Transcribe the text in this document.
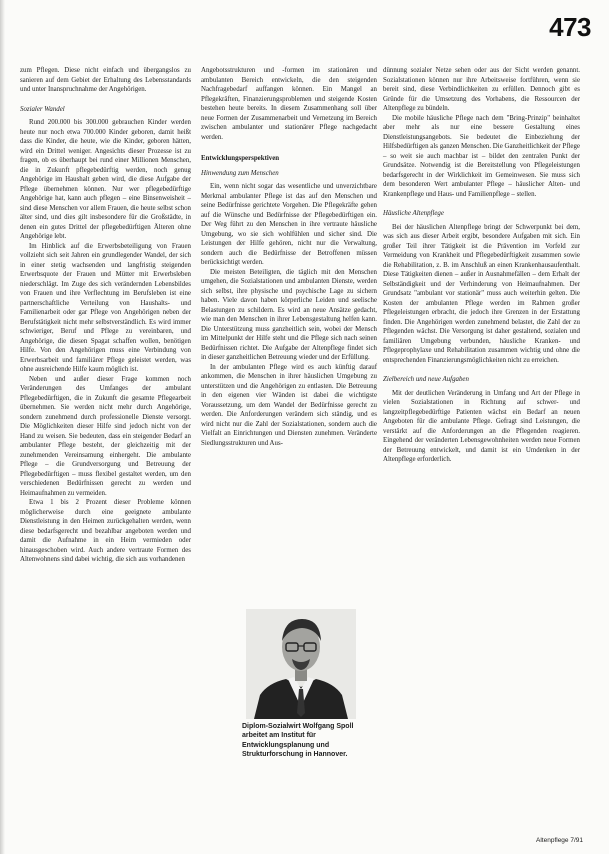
473

zum Pflegen. Diese nicht einfach und übergangslos zu sanieren auf dem Gebiet der Erhaltung des Lebensstandards und unter Inanspruchnahme der Angehörigen.

Sozialer Wandel

Rund 200.000 bis 300.000 gebrauchen Kinder werden heute nur noch etwa 700.000 Kinder geboren, damit heißt dass die Kinder, die heute, wie die Kinder, geboren hätten, wird ein Drittel weniger. Angesichts dieser Prozesse ist zu fragen, ob es überhaupt bei rund einer Millionen Menschen, die in Zukunft pflegebedürftig werden, noch genug Angehörige im Haushalt geben wird, die diese Aufgabe der Pflege übernehmen können. Nur wer pflegebedürftige Angehörige hat, kann auch pflegen – eine Binsenweisheit – sind diese Menschen vor allem Frauen, die heute selbst schon älter sind, und dies gilt insbesondere für die Großstädte, in denen ein gutes Drittel der pflegebedürftigen Älteren ohne Angehörige lebt.

Im Hinblick auf die Erwerbsbeteiligung von Frauen vollzieht sich seit Jahren ein grundlegender Wandel, der sich in einer stetig wachsenden und langfristig steigenden Erwerbsquote der Frauen und Mütter mit Erwerbsleben niederschlägt. Im Zuge des sich verändernden Lebensbildes von Frauen und ihre Verflechtung im Berufsleben ist eine partnerschaftliche Verteilung von Haushalts- und Familienarbeit oder gar Pflege von Angehörigen neben der Berufstätigkeit nicht mehr selbstverständlich. Es wird immer schwieriger, Beruf und Pflege zu vereinbaren, und Angehörige, die diesen Spagat schaffen wollen, benötigen Hilfe. Von den Angehörigen muss eine Verbindung von Erwerbsarbeit und familiärer Pflege geleistet werden, was ohne ausreichende Hilfe kaum möglich ist.

Neben und außer dieser Frage kommen noch Veränderungen des Umfanges der ambulant Pflegebedürftigen, die in Zukunft die gesamte Pflegearbeit übernehmen. Sie werden nicht mehr durch Angehörige, sondern zunehmend durch professionelle Dienste versorgt. Die Möglichkeiten dieser Hilfe sind jedoch nicht von der Hand zu weisen. Sie bedeuten, dass ein steigender Bedarf an ambulanter Pflege besteht, der gleichzeitig mit der zunehmenden Vereinsamung einhergeht. Die ambulante Pflege – die Grundversorgung und Betreuung der Pflegebedürftigen – muss flexibel gestaltet werden, um den verschiedenen Bedürfnissen gerecht zu werden und Heimaufnahmen zu vermeiden.

Etwa 1 bis 2 Prozent dieser Probleme können möglicherweise durch eine geeignete ambulante Dienstleistung in den Heimen zurückgehalten werden, wenn diese bedarfsgerecht und bezahlbar angeboten werden und damit die Aufnahme in ein Heim vermieden oder hinausgeschoben wird. Auch andere vertraute Formen des Altenwohnens sind dabei wichtig, die sich aus vorhandenen

Angebotsstrukturen und -formen im stationären und ambulanten Bereich entwickeln, die den steigenden Nachfragebedarf auffangen können. Ein Mangel an Pflegekräften, Finanzierungsproblemen und steigende Kosten bestehen heute bereits. In diesem Zusammenhang soll über neue Formen der Zusammenarbeit und Vernetzung im Bereich zwischen ambulanter und stationärer Pflege nachgedacht werden.

Entwicklungsperspektiven
Hinwendung zum Menschen

Ein, wenn nicht sogar das wesentliche und unverzichtbare Merkmal ambulanter Pflege ist das auf den Menschen und seine Bedürfnisse gerichtete Vorgehen. Die Pflegekräfte gehen auf die Wünsche und Bedürfnisse der Pflegebedürftigen ein. Der Weg führt zu den Menschen in ihre vertraute häusliche Umgebung, wo sie sich wohlfühlen und sicher sind. Die Leistungen der Hilfe gehören, nicht nur die Verwaltung, sondern auch die Bedürfnisse der Betroffenen müssen berücksichtigt werden.

Die meisten Beteiligten, die täglich mit den Menschen umgehen, die Sozialstationen und ambulanten Dienste, werden sich selbst, ihre physische und psychische Lage zu sichern haben. Viele davon haben körperliche Leiden und seelische Belastungen zu schildern. Es wird an neue Ansätze gedacht, wie man den Menschen in ihrer Lebensgestaltung helfen kann. Die Unterstützung muss ganzheitlich sein, wobei der Mensch im Mittelpunkt der Hilfe steht und die Pflege sich nach seinen Bedürfnissen richtet. Die Aufgabe der Altenpflege findet sich in dieser ganzheitlichen Betreuung wieder und der Erfüllung.

In der ambulanten Pflege wird es auch künftig darauf ankommen, die Menschen in ihrer häuslichen Umgebung zu unterstützen und die Angehörigen zu entlasten. Die Betreuung in den eigenen vier Wänden ist dabei die wichtigste Voraussetzung, um dem Wandel der Bedürfnisse gerecht zu werden. Die Anforderungen verändern sich ständig, und es wird nicht nur die Zahl der Sozialstationen, sondern auch die Vielfalt an Einrichtungen und Diensten zunehmen. Veränderte Siedlungsstrukturen und Aus-

dünnung sozialer Netze sehen oder aus der Sicht werden genannt. Sozialstationen können nur ihre Arbeitsweise fortführen, wenn sie bereit sind, diese Verbindlichkeiten zu erfüllen. Dennoch gibt es Gründe für die Umsetzung des Vorhabens, die Ressourcen der Altenpflege zu bündeln.

Die mobile häusliche Pflege nach dem "Bring-Prinzip" beinhaltet aber mehr als nur eine bessere Gestaltung eines Dienstleistungsangebots. Sie bedeutet die Einbeziehung der Hilfsbedürftigen als ganzen Menschen. Die Ganzheitlichkeit der Pflege – so weit sie auch machbar ist – bildet den zentralen Punkt der Grundsätze. Notwendig ist die Bereitstellung von Pflegeleistungen bedarfsgerecht in der Wirklichkeit im Gemeinwesen. Sie muss sich dem besonderen Wert ambulanter Pflege – häuslicher Alten- und Krankenpflege und Haus- und Familienpflege – stellen.

Häusliche Altenpflege

Bei der häuslichen Altenpflege bringt der Schwerpunkt bei dem, was sich aus dieser Arbeit ergibt, besondere Aufgaben mit sich. Ein großer Teil ihrer Tätigkeit ist die Prävention im Vorfeld zur Vermeidung von Krankheit und Pflegebedürftigkeit zusammen sowie die Rehabilitation, z. B. im Anschluß an einen Krankenhausaufenthalt. Diese Tätigkeiten dienen – außer in Ausnahmefällen – dem Erhalt der Selbständigkeit und der Verhinderung von Heimaufnahmen. Der Grundsatz "ambulant vor stationär" muss auch weiterhin gelten. Die Kosten der ambulanten Pflege werden im Rahmen großer Pflegeleistungen erbracht, die jedoch ihre Grenzen in der Erstattung finden. Die Angehörigen werden zunehmend belastet, die Zahl der zu Pflegenden wächst. Die Versorgung ist daher gestaltend, sozialen und familiären Umgebung verbunden, häusliche Kranken- und Pflegeprophylaxe und Rehabilitation zusammen wichtig und ohne die entsprechenden Finanzierungsmöglichkeiten nicht zu erreichen.

Zielbereich und neue Aufgaben

Mit der deutlichen Veränderung in Umfang und Art der Pflege in vielen Sozialstationen in Richtung auf schwer- und langzeitpflegebedürftige Patienten wächst ein Bedarf an neuen Angeboten für die ambulante Pflege. Gefragt sind Leistungen, die verstärkt auf die Anforderungen an die Pflegenden reagieren. Eingehend der veränderten Lebensgewohnheiten werden neue Formen der Betreuung entwickelt, und damit ist ein Umdenken in der Altenpflege erforderlich.

Diplom-Sozialwirt Wolfgang Spoll arbeitet am Institut für Entwicklungsplanung und Strukturforschung in Hannover.
Altenpflege 7/91
